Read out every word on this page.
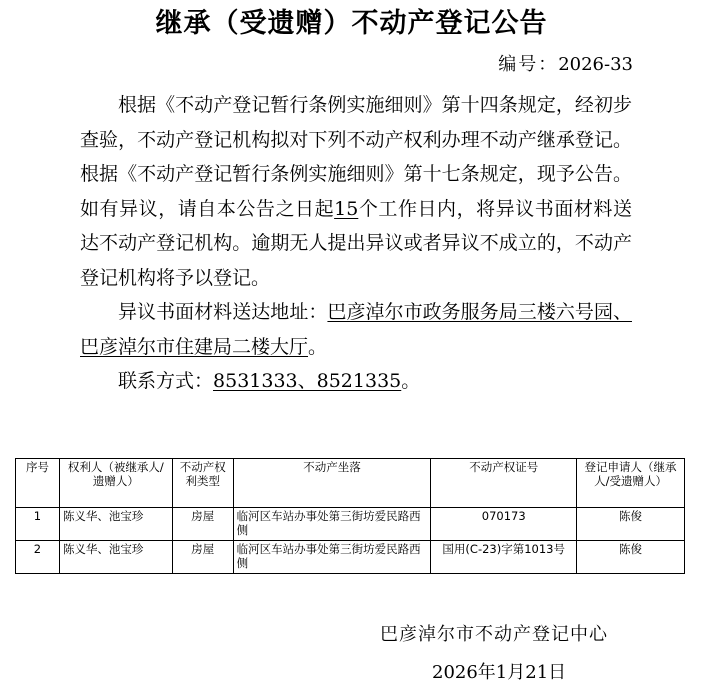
继承（受遗赠）不动产登记公告
编号：2026-33

根据《不动产登记暂行条例实施细则》第十四条规定，经初步查验，不动产登记机构拟对下列不动产权利办理不动产继承登记。根据《不动产登记暂行条例实施细则》第十七条规定，现予公告。如有异议，请自本公告之日起15个工作日内，将异议书面材料送达不动产登记机构。逾期无人提出异议或者异议不成立的，不动产登记机构将予以登记。

异议书面材料送达地址：巴彦淖尔市政务服务局三楼六号园、巴彦淖尔市住建局二楼大厅。

联系方式：8531333、8521335。

序号	权利人（被继承人/遗赠人）	不动产权利类型	不动产坐落	不动产权证号	登记申请人（继承人/受遗赠人）
1	陈义华、池宝珍	房屋	临河区车站办事处第三街坊爱民路西侧	070173	陈俊
2	陈义华、池宝珍	房屋	临河区车站办事处第三街坊爱民路西侧	国用(C-23)字第1013号	陈俊
巴彦淖尔市不动产登记中心
2026年1月21日
